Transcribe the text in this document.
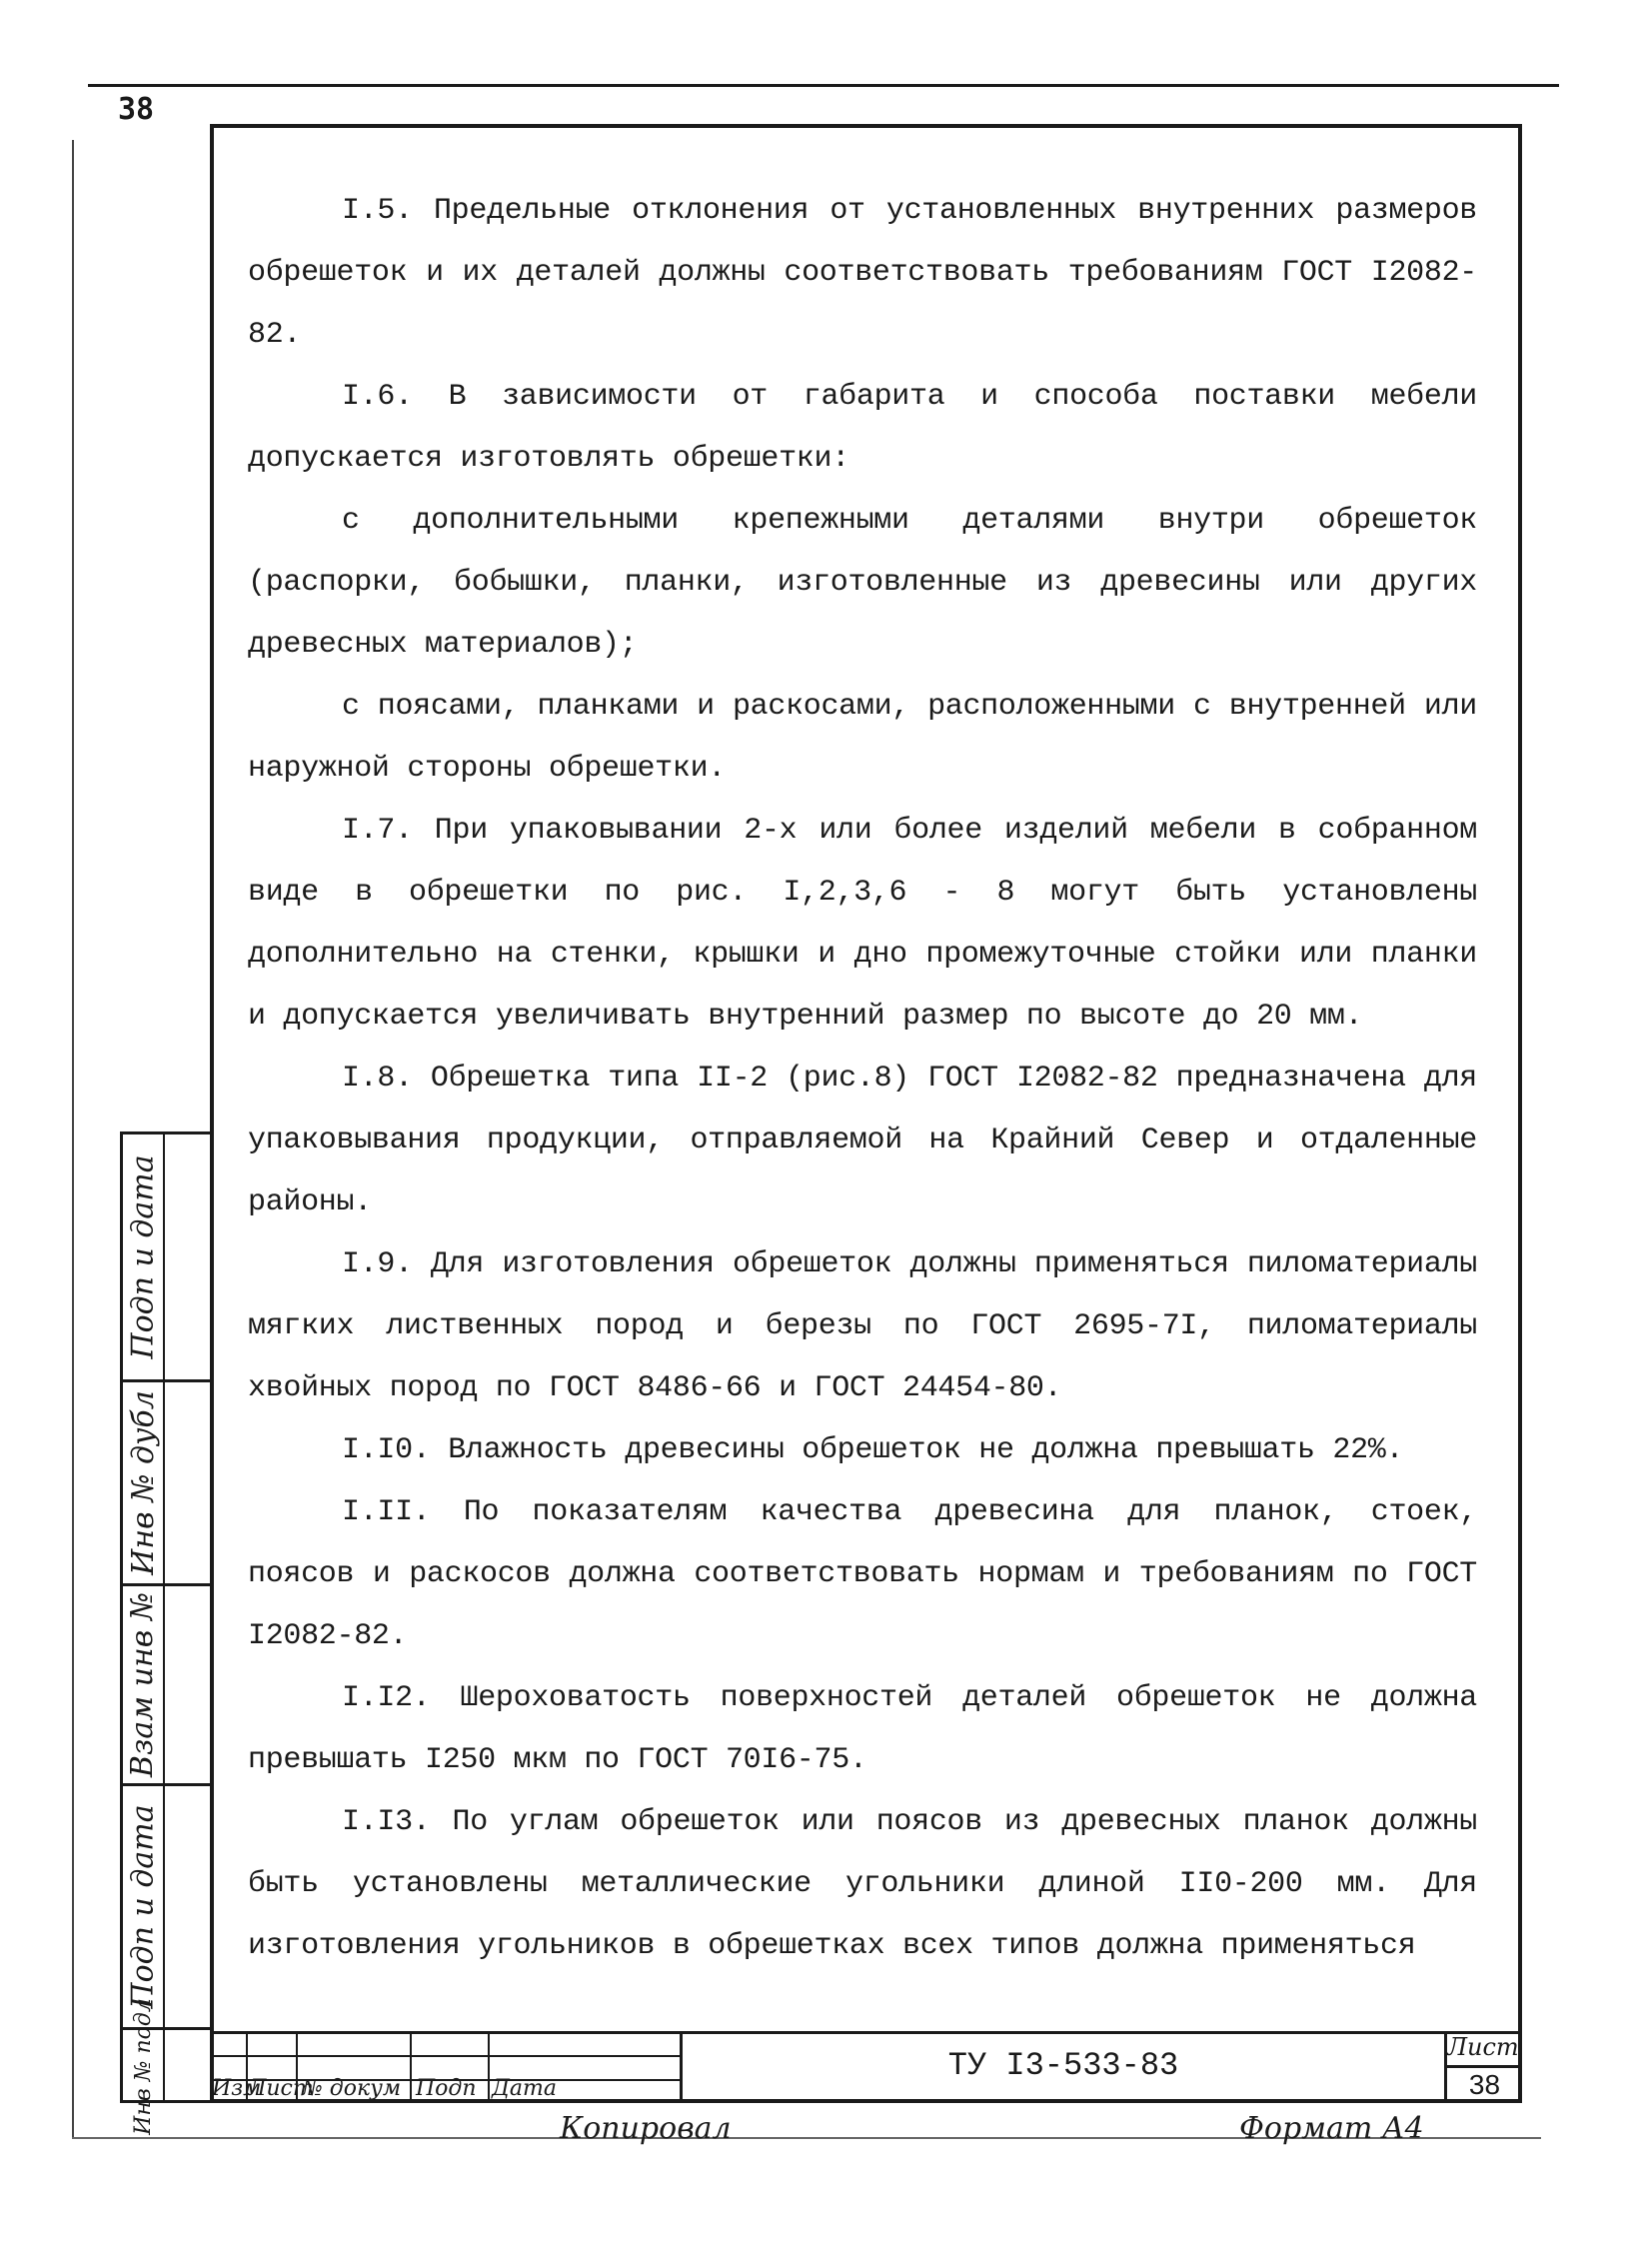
38
Подп и дата
Инв № дубл
Взам инв №
Подп и дата
Инв № подл

I.5. Предельные отклонения от установленных внутренних размеров обрешеток и их деталей должны соответствовать требованиям ГОСТ I2082-82.

I.6. В зависимости от габарита и способа поставки мебели допускается изготовлять обрешетки:

с дополнительными крепежными деталями внутри обрешеток (распорки, бобышки, планки, изготовленные из древесины или других древесных материалов);

с поясами, планками и раскосами, расположенными с внутренней или наружной стороны обрешетки.

I.7. При упаковывании 2-х или более изделий мебели в собранном виде в обрешетки по рис. I,2,3,6 - 8 могут быть установлены дополнительно на стенки, крышки и дно промежуточные стойки или планки и допускается увеличивать внутренний размер по высоте до 20 мм.

I.8. Обрешетка типа II-2 (рис.8) ГОСТ I2082-82 предназначена для упаковывания продукции, отправляемой на Крайний Север и отдаленные районы.

I.9. Для изготовления обрешеток должны применяться пиломатериалы мягких лиственных пород и березы по ГОСТ 2695-7I, пиломатериалы хвойных пород по ГОСТ 8486-66 и ГОСТ 24454-80.

I.I0. Влажность древесины обрешеток не должна превышать 22%.

I.II. По показателям качества древесина для планок, стоек, поясов и раскосов должна соответствовать нормам и требованиям по ГОСТ I2082-82.

I.I2. Шероховатость поверхностей деталей обрешеток не должна превышать I250 мкм по ГОСТ 70I6-75.

I.I3. По углам обрешеток или поясов из древесных планок должны быть установлены металлические угольники длиной II0-200 мм. Для изготовления угольников в обрешетках всех типов должна применяться

Изм
Лист
№ докум Подп Дата
ТУ I3-533-83	Лист
38
Копировал	Формат А4
